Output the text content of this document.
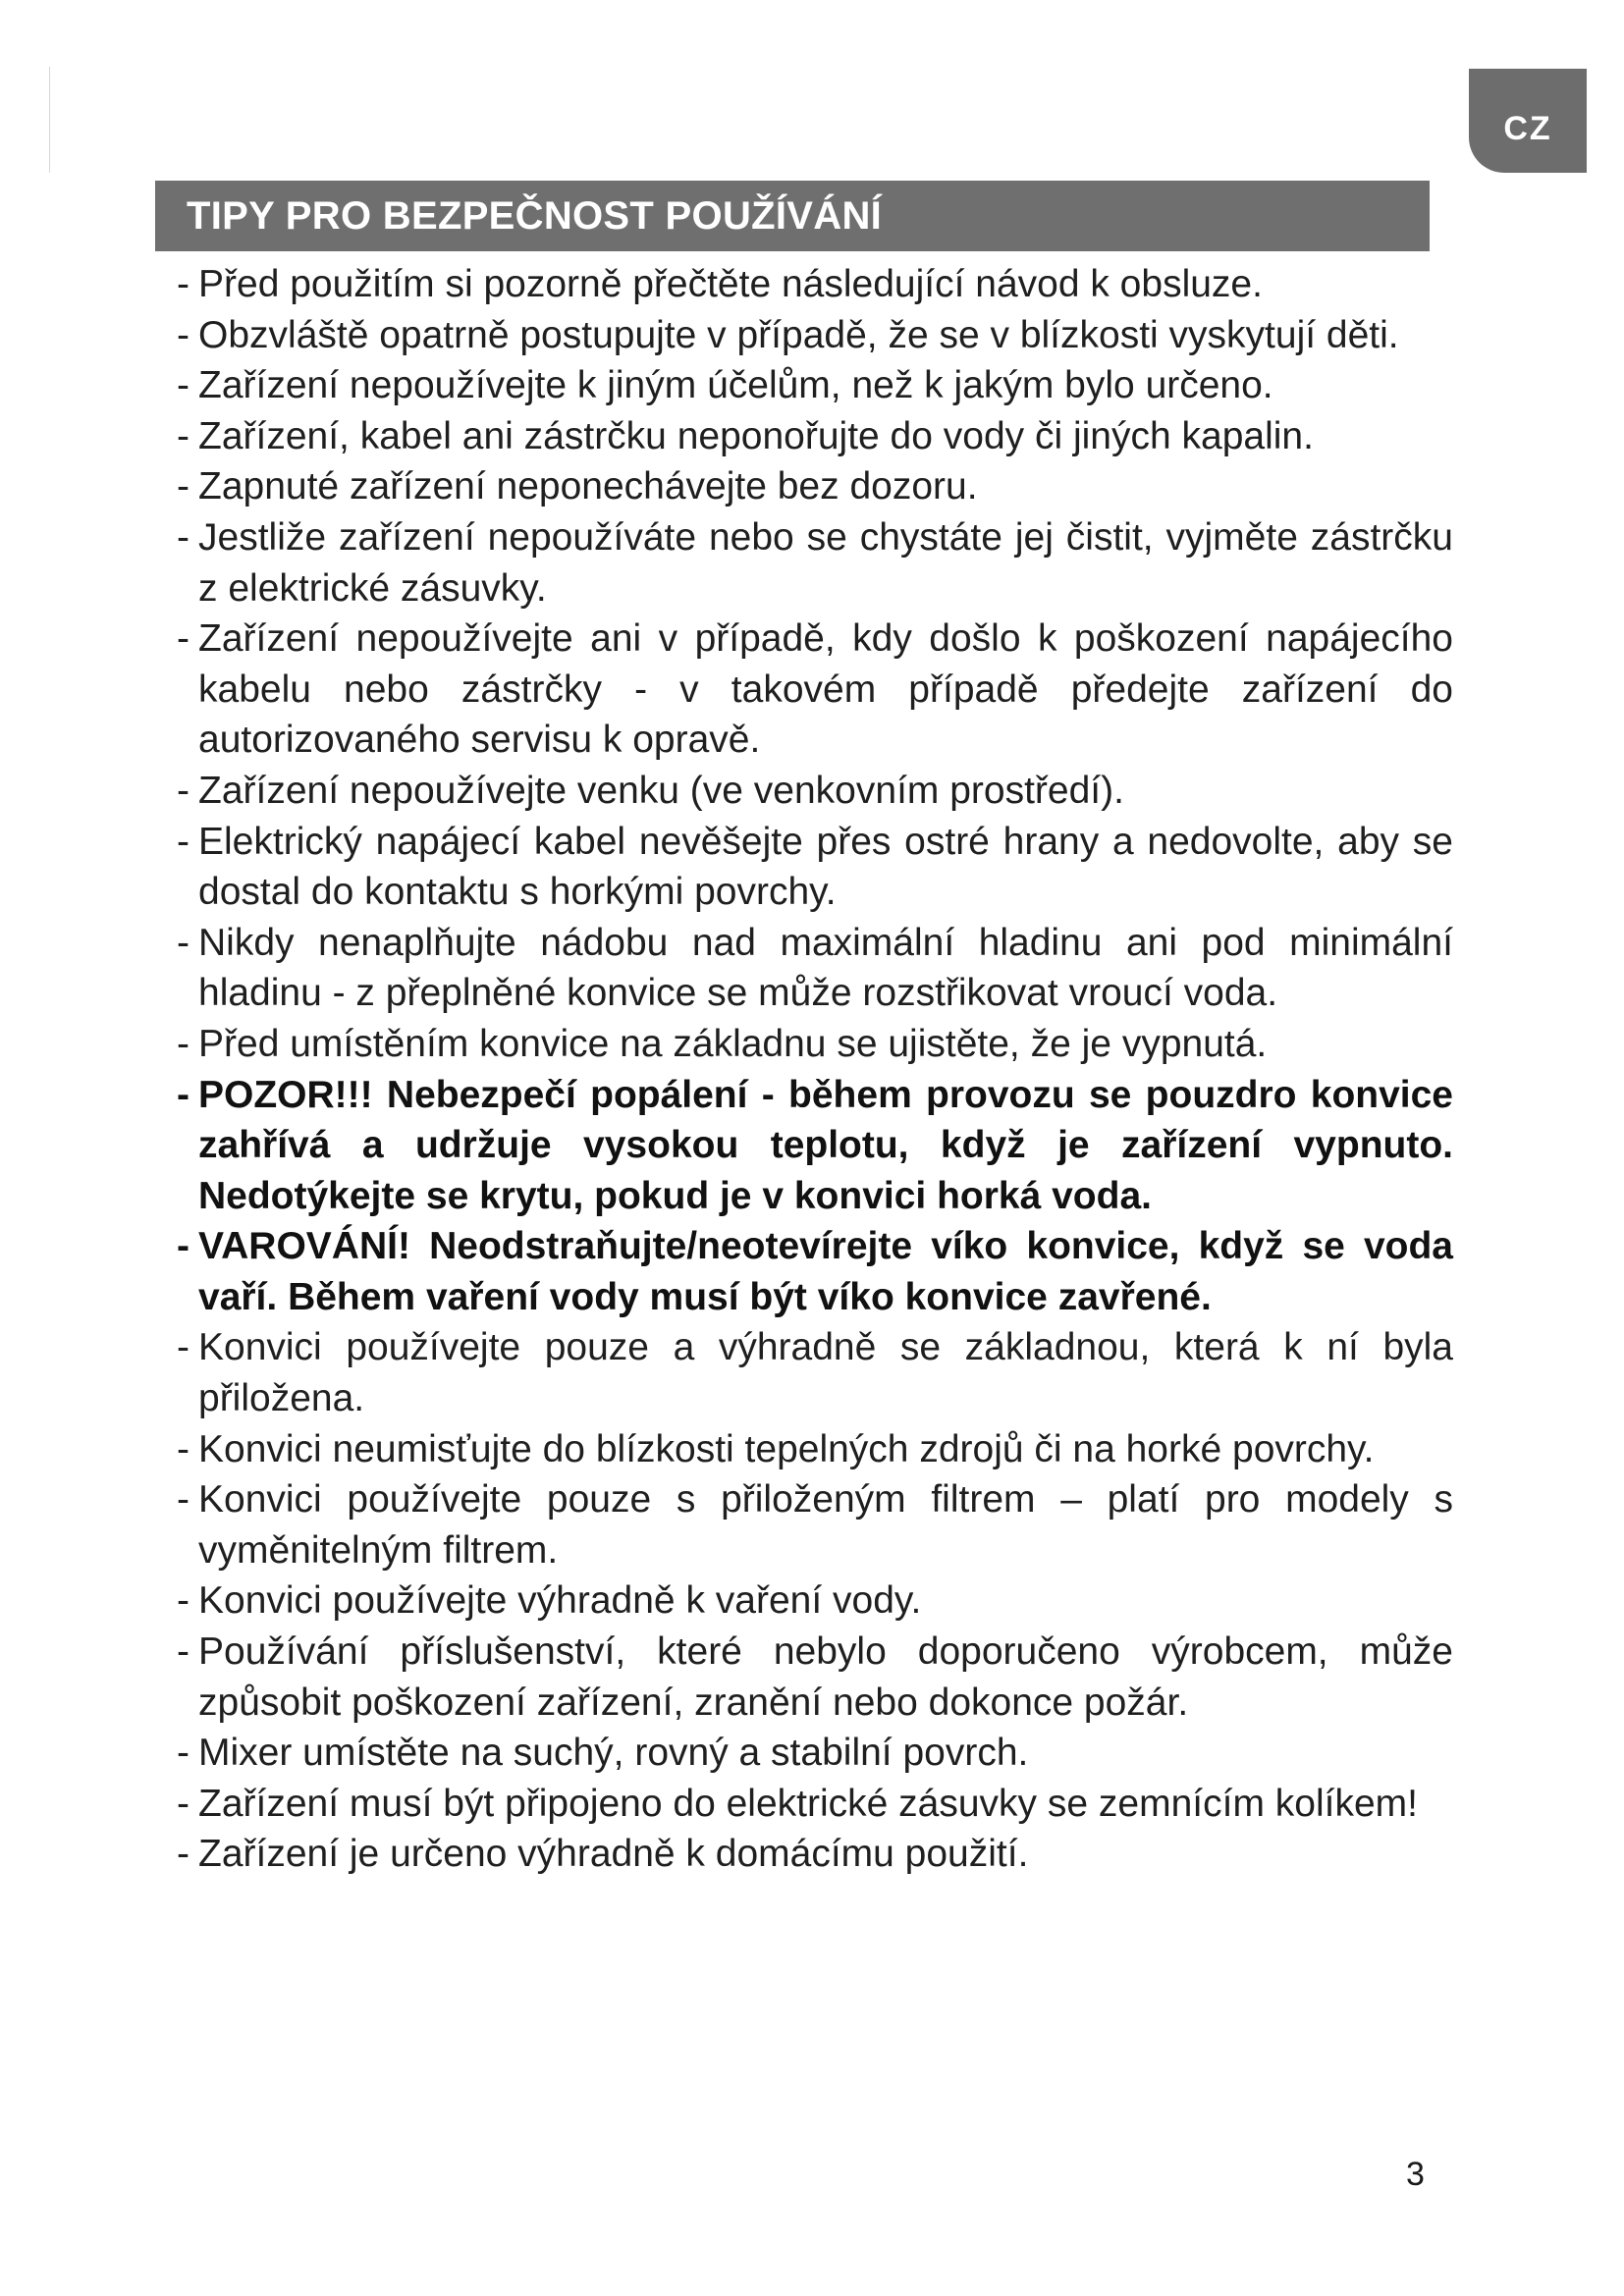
CZ
TIPY PRO BEZPEČNOST POUŽÍVÁNÍ
- Před použitím si pozorně přečtěte následující návod k obsluze.
- Obzvláště opatrně postupujte v případě, že se v blízkosti vyskytují děti.
- Zařízení nepoužívejte k jiným účelům, než k jakým bylo určeno.
- Zařízení, kabel ani zástrčku neponořujte do vody či jiných kapalin.
- Zapnuté zařízení neponechávejte bez dozoru.
- Jestliže zařízení nepoužíváte nebo se chystáte jej čistit, vyjměte zástrčku z elektrické zásuvky.
- Zařízení nepoužívejte ani v případě, kdy došlo k poškození napájecího kabelu nebo zástrčky - v takovém případě předejte zařízení do autorizovaného servisu k opravě.
- Zařízení nepoužívejte venku (ve venkovním prostředí).
- Elektrický napájecí kabel nevěšejte přes ostré hrany a nedovolte, aby se dostal do kontaktu s horkými povrchy.
- Nikdy nenaplňujte nádobu nad maximální hladinu ani pod minimální hladinu - z přeplněné konvice se může rozstřikovat vroucí voda.
- Před umístěním konvice na základnu se ujistěte, že je vypnutá.
- POZOR!!! Nebezpečí popálení - během provozu se pouzdro konvice zahřívá a udržuje vysokou teplotu, když je zařízení vypnuto. Nedotýkejte se krytu, pokud je v konvici horká voda.
- VAROVÁNÍ! Neodstraňujte/neotevírejte víko konvice, když se voda vaří. Během vaření vody musí být víko konvice zavřené.
- Konvici používejte pouze a výhradně se základnou, která k ní byla přiložena.
- Konvici neumisťujte do blízkosti tepelných zdrojů či na horké povrchy.
- Konvici používejte pouze s přiloženým filtrem – platí pro modely s vyměnitelným filtrem.
- Konvici používejte výhradně k vaření vody.
- Používání příslušenství, které nebylo doporučeno výrobcem, může způsobit poškození zařízení, zranění nebo dokonce požár.
- Mixer umístěte na suchý, rovný a stabilní povrch.
- Zařízení musí být připojeno do elektrické zásuvky se zemnícím kolíkem!
- Zařízení je určeno výhradně k domácímu použití.
3
